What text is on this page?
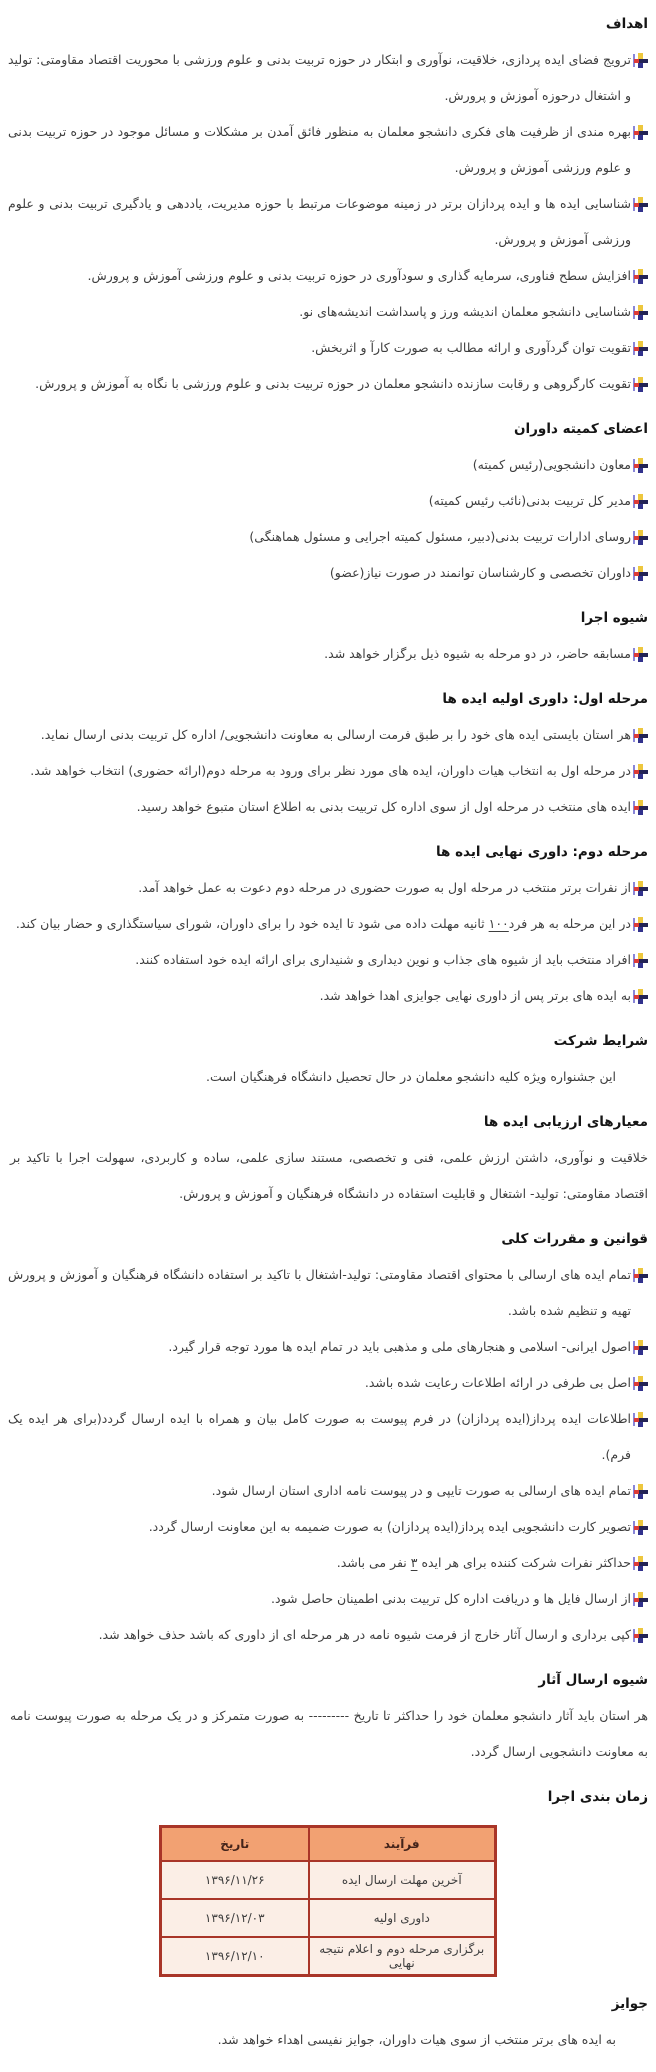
اهداف
ترویج فضای ایده پردازی، خلاقیت، نوآوری و ابتکار در حوزه تربیت بدنی و علوم ورزشی با محوریت اقتصاد مقاومتی: تولید و اشتغال درحوزه آموزش و پرورش.
بهره مندی از ظرفیت های فکری دانشجو معلمان به منظور فائق آمدن بر مشکلات و مسائل موجود در حوزه تربیت بدنی و علوم ورزشی آموزش و پرورش.
شناسایی ایده ها و ایده پردازان برتر در زمینه موضوعات مرتبط با حوزه مدیریت، یاددهی و یادگیری تربیت بدنی و علوم ورزشی آموزش و پرورش.
افزایش سطح فناوری، سرمایه گذاری و سودآوری در حوزه تربیت بدنی و علوم ورزشی آموزش و پرورش.
شناسایی دانشجو معلمان اندیشه ورز و پاسداشت اندیشه‌های نو.
تقویت توان گردآوری و ارائه مطالب به صورت کارآ و اثربخش.
تقویت کارگروهی و رقابت سازنده دانشجو معلمان در حوزه تربیت بدنی و علوم ورزشی با نگاه به آموزش و پرورش.
اعضای کمیته داوران
معاون دانشجویی(رئیس کمیته)
مدیر کل تربیت بدنی(نائب رئیس کمیته)
روسای ادارات تربیت بدنی(دبیر، مسئول کمیته اجرایی و مسئول هماهنگی)
داوران تخصصی و کارشناسان توانمند در صورت نیاز(عضو)
شیوه اجرا
مسابقه حاضر، در دو مرحله به شیوه ذیل برگزار خواهد شد.
مرحله اول: داوری اولیه ایده ها
هر استان بایستی ایده های خود را بر طبق فرمت ارسالی به معاونت دانشجویی/ اداره کل تربیت بدنی ارسال نماید.
در مرحله اول به انتخاب هیات داوران، ایده های مورد نظر برای ورود به مرحله دوم(ارائه حضوری) انتخاب خواهد شد.
ایده های منتخب در مرحله اول از سوی اداره کل تربیت بدنی به اطلاع استان متبوع خواهد رسید.
مرحله دوم: داوری نهایی ایده ها
از نفرات برتر منتخب در مرحله اول به صورت حضوری در مرحله دوم دعوت به عمل خواهد آمد.
در این مرحله به هر فرد۱۰۰ ثانیه مهلت داده می شود تا ایده خود را برای داوران، شورای سیاستگذاری و حضار بیان کند.
افراد منتخب باید از شیوه های جذاب و نوین دیداری و شنیداری برای ارائه ایده خود استفاده کنند.
به ایده های برتر پس از داوری نهایی جوایزی اهدا خواهد شد.
شرایط شرکت
این جشنواره ویژه کلیه دانشجو معلمان در حال تحصیل دانشگاه فرهنگیان است.
معیارهای ارزیابی ایده ها
خلاقیت و نوآوری، داشتن ارزش علمی، فنی و تخصصی، مستند سازی علمی، ساده و کاربردی، سهولت اجرا با تاکید بر اقتصاد مقاومتی: تولید- اشتغال و قابلیت استفاده در دانشگاه فرهنگیان و آموزش و پرورش.
قوانین و مقررات کلی
تمام ایده های ارسالی با محتوای اقتصاد مقاومتی: تولید-اشتغال با تاکید بر استفاده دانشگاه فرهنگیان و آموزش و پرورش تهیه و تنظیم شده باشد.
اصول ایرانی- اسلامی و هنجارهای ملی و مذهبی باید در تمام ایده ها مورد توجه قرار گیرد.
اصل بی طرفی در ارائه اطلاعات رعایت شده باشد.
اطلاعات ایده پرداز(ایده پردازان) در فرم پیوست به صورت کامل بیان و همراه با ایده ارسال گردد(برای هر ایده یک فرم).
تمام ایده های ارسالی به صورت تایپی و در پیوست نامه اداری استان ارسال شود.
تصویر کارت دانشجویی ایده پرداز(ایده پردازان) به صورت ضمیمه به این معاونت ارسال گردد.
حداکثر نفرات شرکت کننده برای هر ایده ۳ نفر می باشد.
از ارسال فایل ها و دریافت اداره کل تربیت بدنی اطمینان حاصل شود.
کپی برداری و ارسال آثار خارج از فرمت شیوه نامه در هر مرحله ای از داوری که باشد حذف خواهد شد.
شیوه ارسال آثار
هر استان باید آثار دانشجو معلمان خود را حداکثر تا تاریخ --------- به صورت متمرکز و در یک مرحله به صورت پیوست نامه به معاونت دانشجویی ارسال گردد.
زمان بندی اجرا
فرآیند	تاریخ
آخرین مهلت ارسال ایده	۱۳۹۶/۱۱/۲۶
داوری اولیه	۱۳۹۶/۱۲/۰۳
برگزاری مرحله دوم و اعلام نتیجه نهایی	۱۳۹۶/۱۲/۱۰
جوایز
به ایده های برتر منتخب از سوی هیات داوران، جوایز نفیسی اهداء خواهد شد.
